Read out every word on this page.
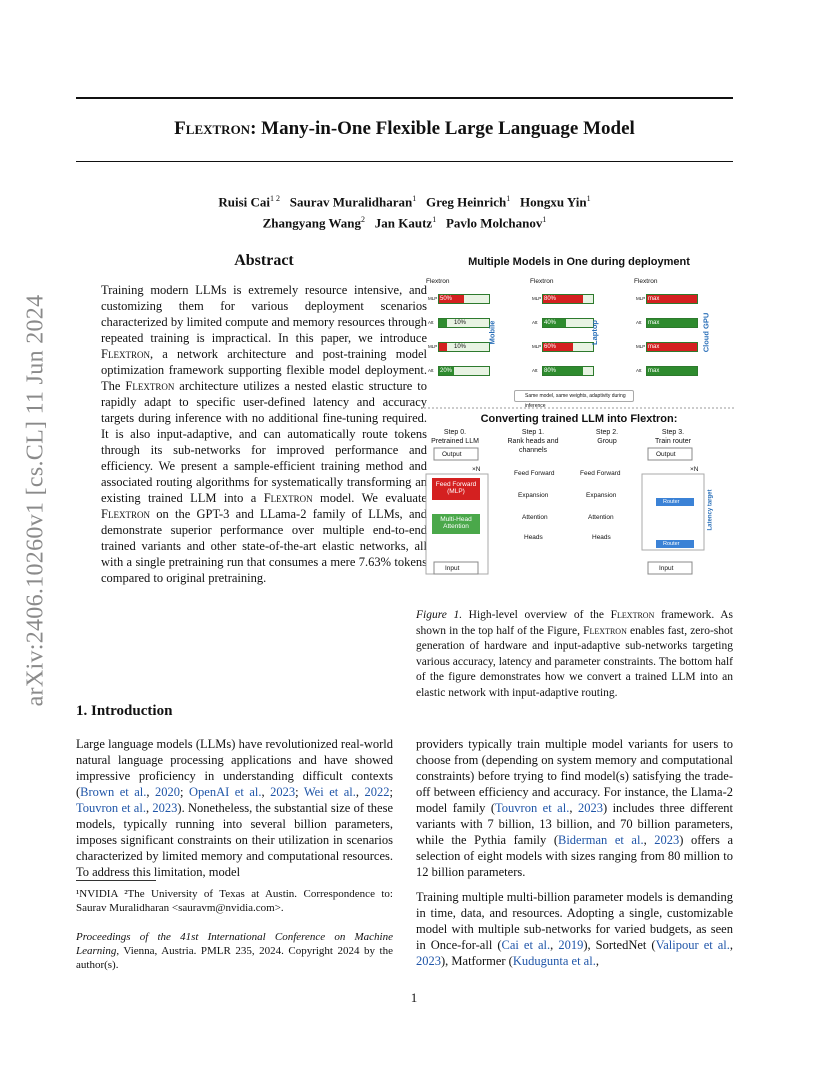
arXiv:2406.10260v1 [cs.CL] 11 Jun 2024
Flextron: Many-in-One Flexible Large Language Model
Ruisi Cai$^{1 2}$ Saurav Muralidharan$^1$ Greg Heinrich$^1$ Hongxu Yin$^1$
Zhangyang Wang$^2$ Jan Kautz$^1$ Pavlo Molchanov$^1$
Abstract
Training modern LLMs is extremely resource intensive, and customizing them for various deployment scenarios characterized by limited compute and memory resources through repeated training is impractical. In this paper, we introduce Flextron, a network architecture and post-training model optimization framework supporting flexible model deployment. The Flextron architecture utilizes a nested elastic structure to rapidly adapt to specific user-defined latency and accuracy targets during inference with no additional fine-tuning required. It is also input-adaptive, and can automatically route tokens through its sub-networks for improved performance and efficiency. We present a sample-efficient training method and associated routing algorithms for systematically transforming an existing trained LLM into a Flextron model. We evaluate Flextron on the GPT-3 and LLama-2 family of LLMs, and demonstrate superior performance over multiple end-to-end trained variants and other state-of-the-art elastic networks, all with a single pretraining run that consumes a mere 7.63% tokens compared to original pretraining.
1. Introduction
Large language models (LLMs) have revolutionized real-world natural language processing applications and have showed impressive proficiency in understanding difficult contexts (Brown et al., 2020; OpenAI et al., 2023; Wei et al., 2022; Touvron et al., 2023). Nonetheless, the substantial size of these models, typically running into several billion parameters, imposes significant constraints on their utilization in scenarios characterized by limited memory and computational resources. To address this limitation, model
¹NVIDIA ²The University of Texas at Austin. Correspondence to: Saurav Muralidharan <sauravm@nvidia.com>.
Proceedings of the 41st International Conference on Machine Learning, Vienna, Austria. PMLR 235, 2024. Copyright 2024 by the author(s).

providers typically train multiple model variants for users to choose from (depending on system memory and computational constraints) before trying to find model(s) satisfying the trade-off between efficiency and accuracy. For instance, the Llama-2 model family (Touvron et al., 2023) includes three different variants with 7 billion, 13 billion, and 70 billion parameters, while the Pythia family (Biderman et al., 2023) offers a selection of eight models with sizes ranging from 80 million to 12 billion parameters.

Training multiple multi-billion parameter models is demanding in time, data, and resources. Adopting a single, customizable model with multiple sub-networks for varied budgets, as seen in Once-for-all (Cai et al., 2019), SortedNet (Valipour et al., 2023), Matformer (Kudugunta et al.,

Multiple Models in One during deployment
Converting trained LLM into Flextron:
Flextron
MLP 50%
Att	10%
MLP	10%
Att 20%
Mobile
Flextron
MLP 80%
Att 40%
MLP 60%
Att 80%
Laptop
Flextron
MLP max
Att max
MLP max
Att max
Cloud GPU
Same model, same weights, adaptivity during inference
Step 0.
Pretrained LLM
Step 1.
Rank heads and channels
Step 2.
Group
Step 3.
Train router
Output
Input
Output
Input
Feed Forward (MLP)
Multi-Head Attention
Feed Forward	Feed Forward
Attention	Attention
Expansion	Expansion
Heads	Heads
Router
Router
×N	×N
Latency target
Figure 1. High-level overview of the Flextron framework. As shown in the top half of the Figure, Flextron enables fast, zero-shot generation of hardware and input-adaptive sub-networks targeting various accuracy, latency and parameter constraints. The bottom half of the figure demonstrates how we convert a trained LLM into an elastic network with input-adaptive routing.
1
